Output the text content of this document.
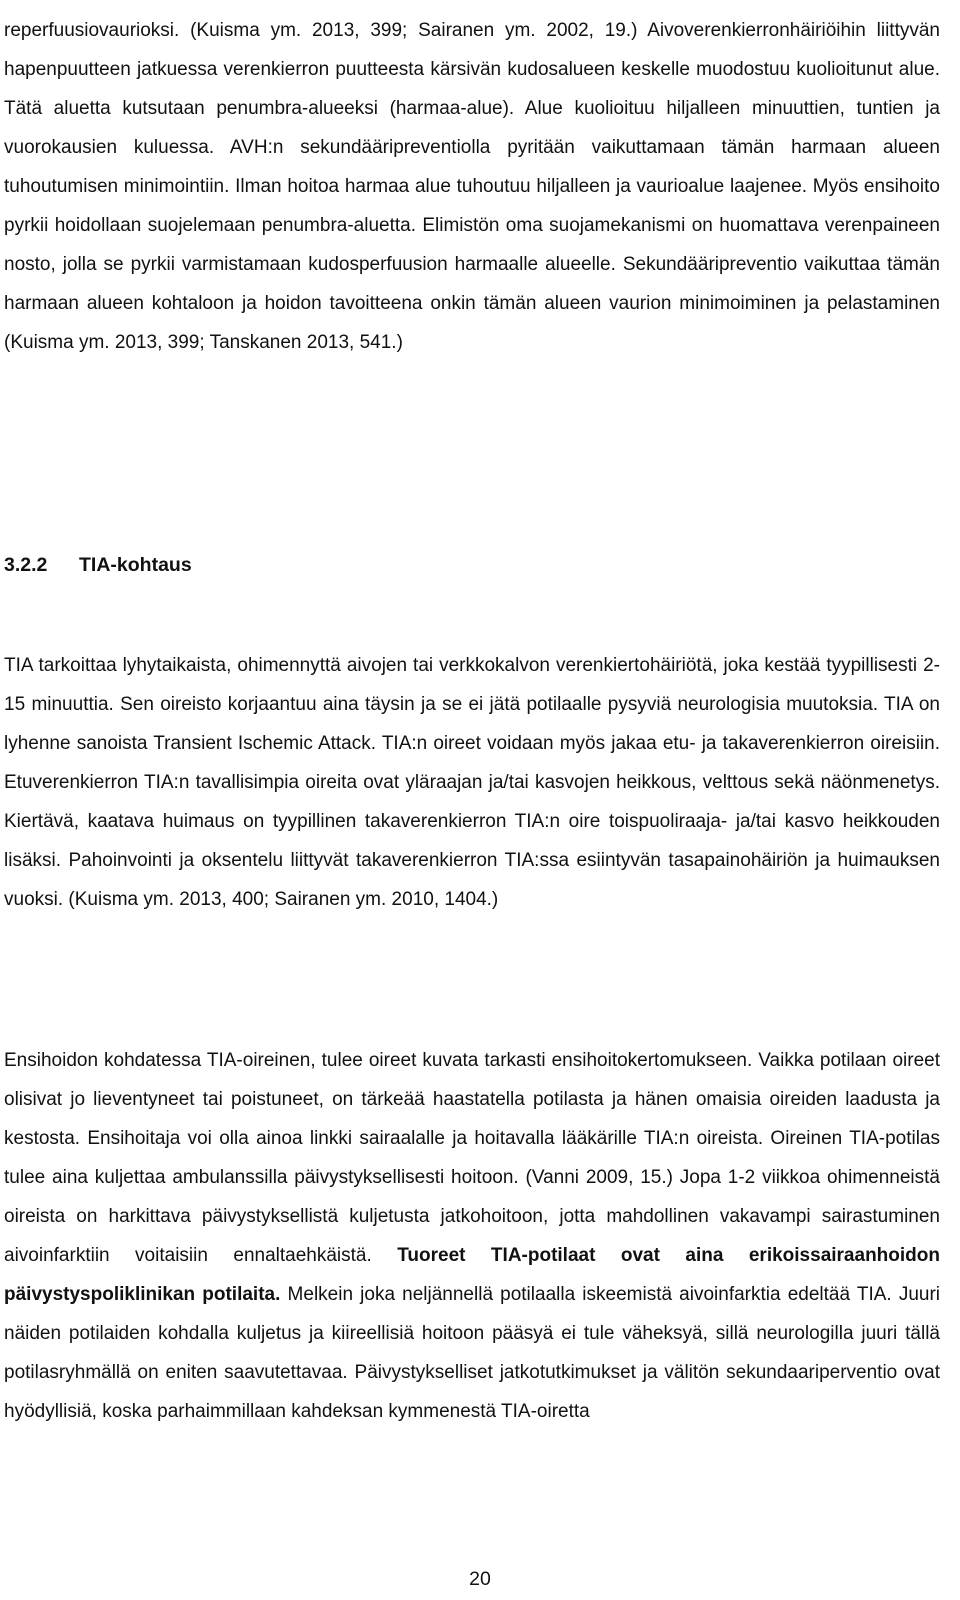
reperfuusiovaurioksi. (Kuisma ym. 2013, 399; Sairanen ym. 2002, 19.) Aivoverenkierronhäiriöihin liittyvän hapenpuutteen jatkuessa verenkierron puutteesta kärsivän kudosalueen keskelle muodostuu kuolioitunut alue. Tätä aluetta kutsutaan penumbra-alueeksi (harmaa-alue). Alue kuolioituu hiljalleen minuuttien, tuntien ja vuorokausien kuluessa. AVH:n sekundääripreventiolla pyritään vaikuttamaan tämän harmaan alueen tuhoutumisen minimointiin. Ilman hoitoa harmaa alue tuhoutuu hiljalleen ja vaurioalue laajenee. Myös ensihoito pyrkii hoidollaan suojelemaan penumbra-aluetta. Elimistön oma suojamekanismi on huomattava verenpaineen nosto, jolla se pyrkii varmistamaan kudosperfuusion harmaalle alueelle. Sekundääripreventio vaikuttaa tämän harmaan alueen kohtaloon ja hoidon tavoitteena onkin tämän alueen vaurion minimoiminen ja pelastaminen (Kuisma ym. 2013, 399; Tanskanen 2013, 541.)

3.2.2 TIA-kohtaus

TIA tarkoittaa lyhytaikaista, ohimennyttä aivojen tai verkkokalvon verenkiertohäiriötä, joka kestää tyypillisesti 2-15 minuuttia. Sen oireisto korjaantuu aina täysin ja se ei jätä potilaalle pysyviä neurologisia muutoksia. TIA on lyhenne sanoista Transient Ischemic Attack. TIA:n oireet voidaan myös jakaa etu- ja takaverenkierron oireisiin. Etuverenkierron TIA:n tavallisimpia oireita ovat yläraajan ja/tai kasvojen heikkous, velttous sekä näönmenetys. Kiertävä, kaatava huimaus on tyypillinen takaverenkierron TIA:n oire toispuoliraaja- ja/tai kasvo heikkouden lisäksi. Pahoinvointi ja oksentelu liittyvät takaverenkierron TIA:ssa esiintyvän tasapainohäiriön ja huimauksen vuoksi. (Kuisma ym. 2013, 400; Sairanen ym. 2010, 1404.)

Ensihoidon kohdatessa TIA-oireinen, tulee oireet kuvata tarkasti ensihoitokertomukseen. Vaikka potilaan oireet olisivat jo lieventyneet tai poistuneet, on tärkeää haastatella potilasta ja hänen omaisia oireiden laadusta ja kestosta. Ensihoitaja voi olla ainoa linkki sairaalalle ja hoitavalla lääkärille TIA:n oireista. Oireinen TIA-potilas tulee aina kuljettaa ambulanssilla päivystyksellisesti hoitoon. (Vanni 2009, 15.) Jopa 1-2 viikkoa ohimenneistä oireista on harkittava päivystyksellistä kuljetusta jatkohoitoon, jotta mahdollinen vakavampi sairastuminen aivoinfarktiin voitaisiin ennaltaehkäistä. Tuoreet TIA-potilaat ovat aina erikoissairaanhoidon päivystyspoliklinikan potilaita. Melkein joka neljännellä potilaalla iskeemistä aivoinfarktia edeltää TIA. Juuri näiden potilaiden kohdalla kuljetus ja kiireellisiä hoitoon pääsyä ei tule väheksyä, sillä neurologilla juuri tällä potilasryhmällä on eniten saavutettavaa. Päivystykselliset jatkotutkimukset ja välitön sekundaariperventio ovat hyödyllisiä, koska parhaimmillaan kahdeksan kymmenestä TIA-oiretta

20
